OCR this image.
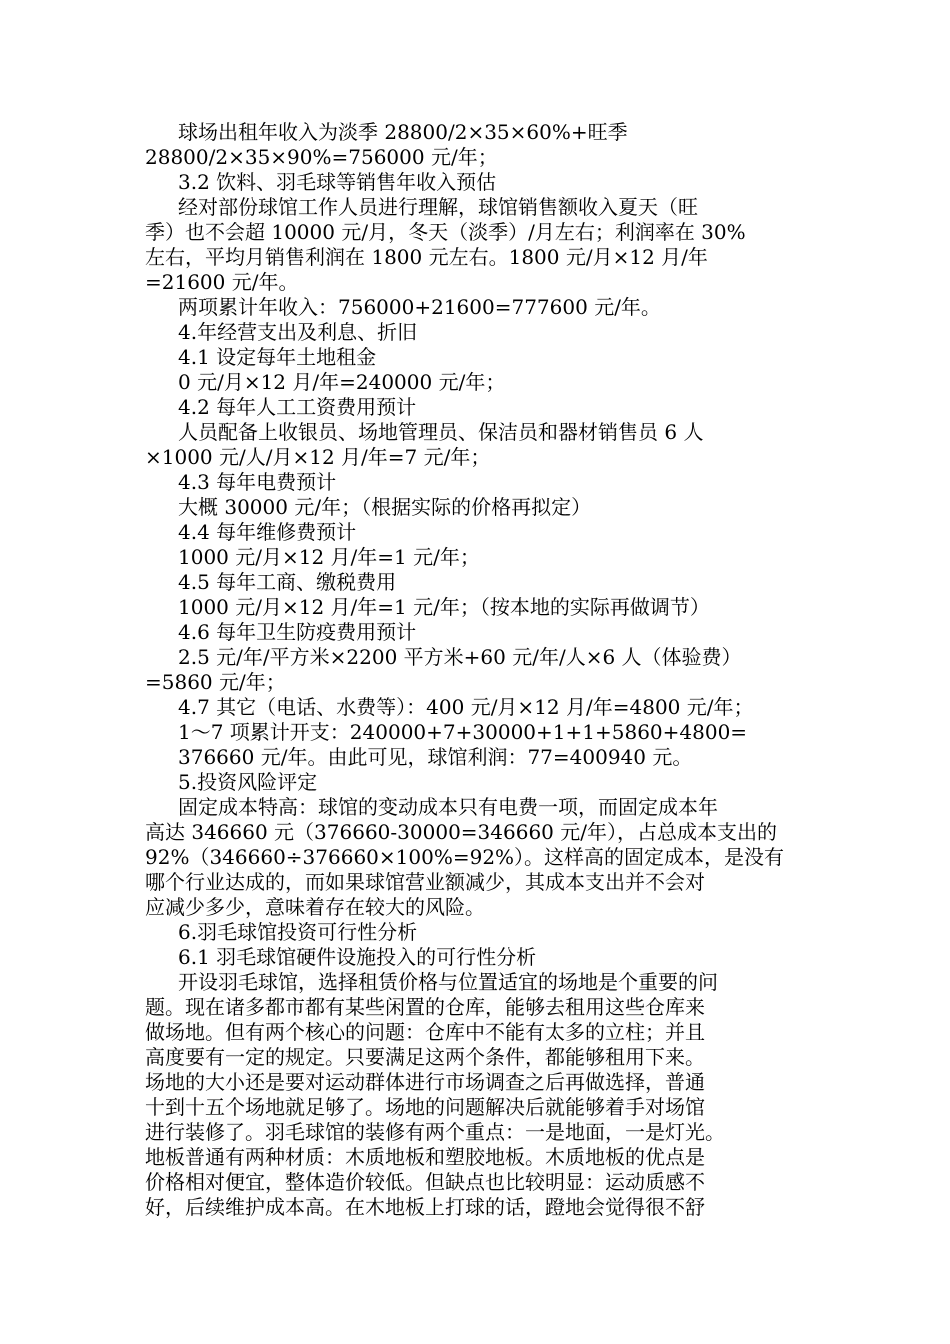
球场出租年收入为淡季 28800/2×35×60%+旺季
28800/2×35×90%=756000 元/年；
3.2 饮料、羽毛球等销售年收入预估
经对部份球馆工作人员进行理解，球馆销售额收入夏天（旺
季）也不会超 10000 元/月，冬天（淡季）/月左右；利润率在 30%
左右，平均月销售利润在 1800 元左右。1800 元/月×12 月/年
=21600 元/年。
两项累计年收入：756000+21600=777600 元/年。
4.年经营支出及利息、折旧
4.1 设定每年土地租金
0 元/月×12 月/年=240000 元/年；
4.2 每年人工工资费用预计
人员配备上收银员、场地管理员、保洁员和器材销售员 6 人
×1000 元/人/月×12 月/年=7 元/年；
4.3 每年电费预计
大概 30000 元/年；（根据实际的价格再拟定）
4.4 每年维修费预计
1000 元/月×12 月/年=1 元/年；
4.5 每年工商、缴税费用
1000 元/月×12 月/年=1 元/年；（按本地的实际再做调节）
4.6 每年卫生防疫费用预计
2.5 元/年/平方米×2200 平方米+60 元/年/人×6 人（体验费）
=5860 元/年；
4.7 其它（电话、水费等）：400 元/月×12 月/年=4800 元/年；
1～7 项累计开支：240000+7+30000+1+1+5860+4800=
376660 元/年。由此可见，球馆利润：77=400940 元。
5.投资风险评定
固定成本特高：球馆的变动成本只有电费一项，而固定成本年
高达 346660 元（376660-30000=346660 元/年），占总成本支出的
92%（346660÷376660×100%=92%）。这样高的固定成本，是没有
哪个行业达成的，而如果球馆营业额减少，其成本支出并不会对
应减少多少，意味着存在较大的风险。
6.羽毛球馆投资可行性分析
6.1 羽毛球馆硬件设施投入的可行性分析
开设羽毛球馆，选择租赁价格与位置适宜的场地是个重要的问
题。现在诸多都市都有某些闲置的仓库，能够去租用这些仓库来
做场地。但有两个核心的问题：仓库中不能有太多的立柱；并且
高度要有一定的规定。只要满足这两个条件，都能够租用下来。
场地的大小还是要对运动群体进行市场调查之后再做选择，普通
十到十五个场地就足够了。场地的问题解决后就能够着手对场馆
进行装修了。羽毛球馆的装修有两个重点：一是地面，一是灯光。
地板普通有两种材质：木质地板和塑胶地板。木质地板的优点是
价格相对便宜，整体造价较低。但缺点也比较明显：运动质感不
好，后续维护成本高。在木地板上打球的话，蹬地会觉得很不舒
